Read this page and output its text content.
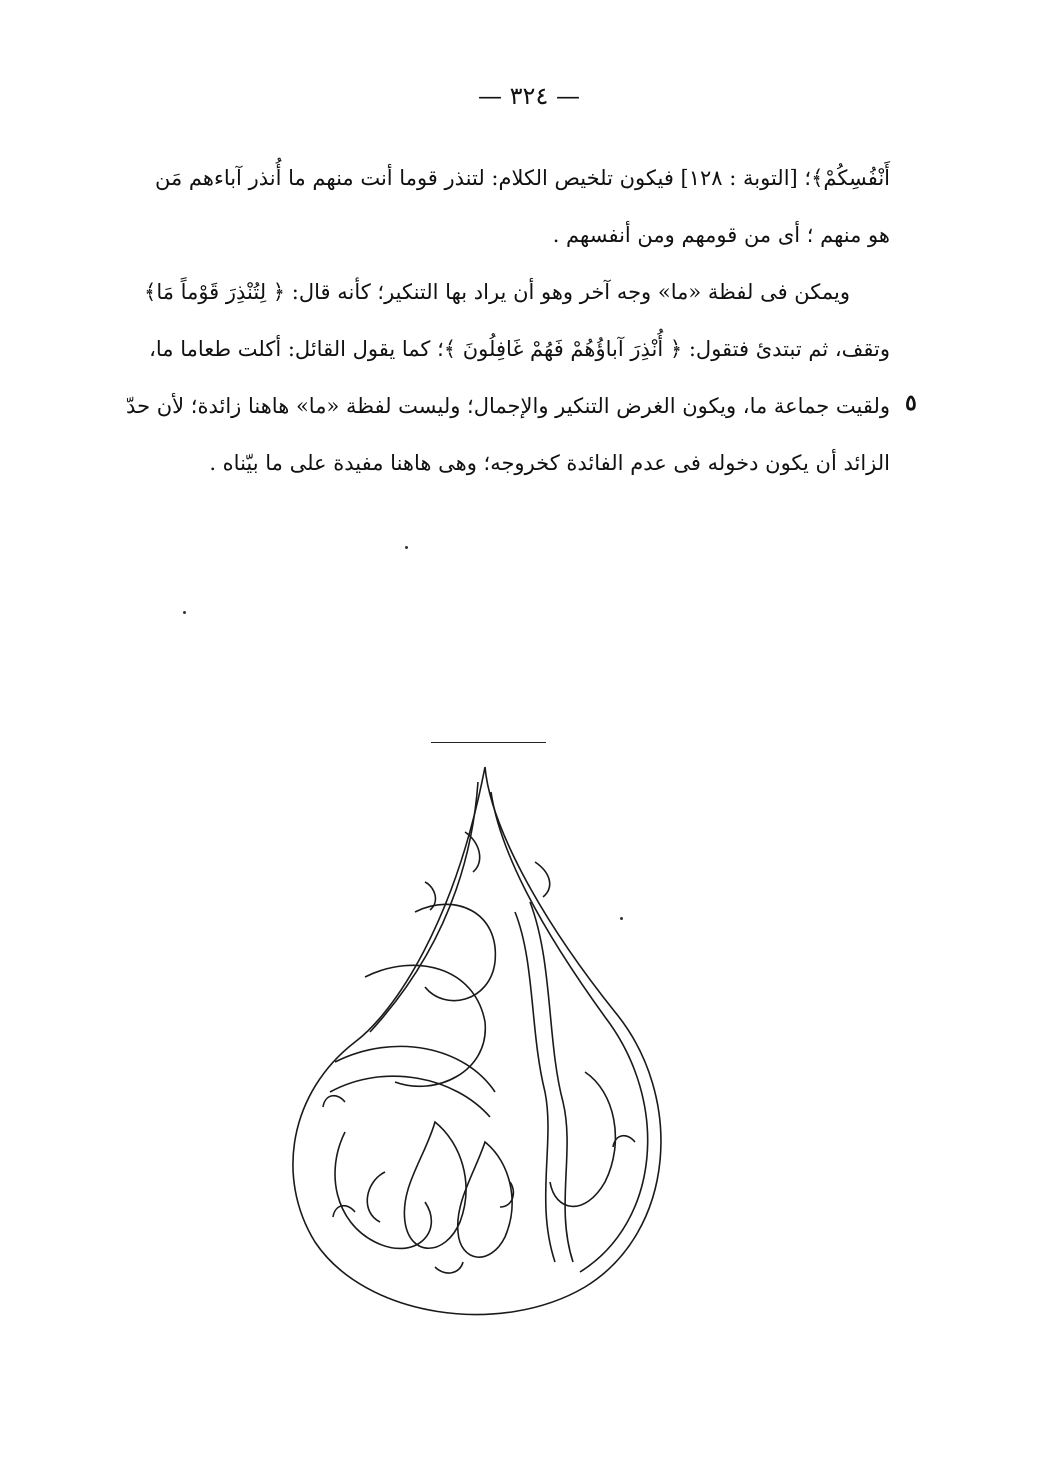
— ٣٢٤ —

أَنْفُسِكُمْ﴾؛ [التوبة : ١٢٨] فيكون تلخيص الكلام: لتنذر قوما أنت منهم ما أُنذر آباءهم مَن
هو منهم ؛ أى من قومهم ومن أنفسهم .

ويمكن فى لفظة «ما» وجه آخر وهو أن يراد بها التنكير؛ كأنه قال: ﴿ لِتُنْذِرَ قَوْماً مَا﴾
وتقف، ثم تبتدئ فتقول: ﴿ أُنْذِرَ آباؤُهُمْ فَهُمْ غَافِلُونَ ﴾؛ كما يقول القائل: أكلت طعاما ما،
ولقيت جماعة ما، ويكون الغرض التنكير والإجمال؛ وليست لفظة «ما» هاهنا زائدة؛ لأن حدّ
الزائد أن يكون دخوله فى عدم الفائدة كخروجه؛ وهى هاهنا مفيدة على ما بيّناه .

٥
